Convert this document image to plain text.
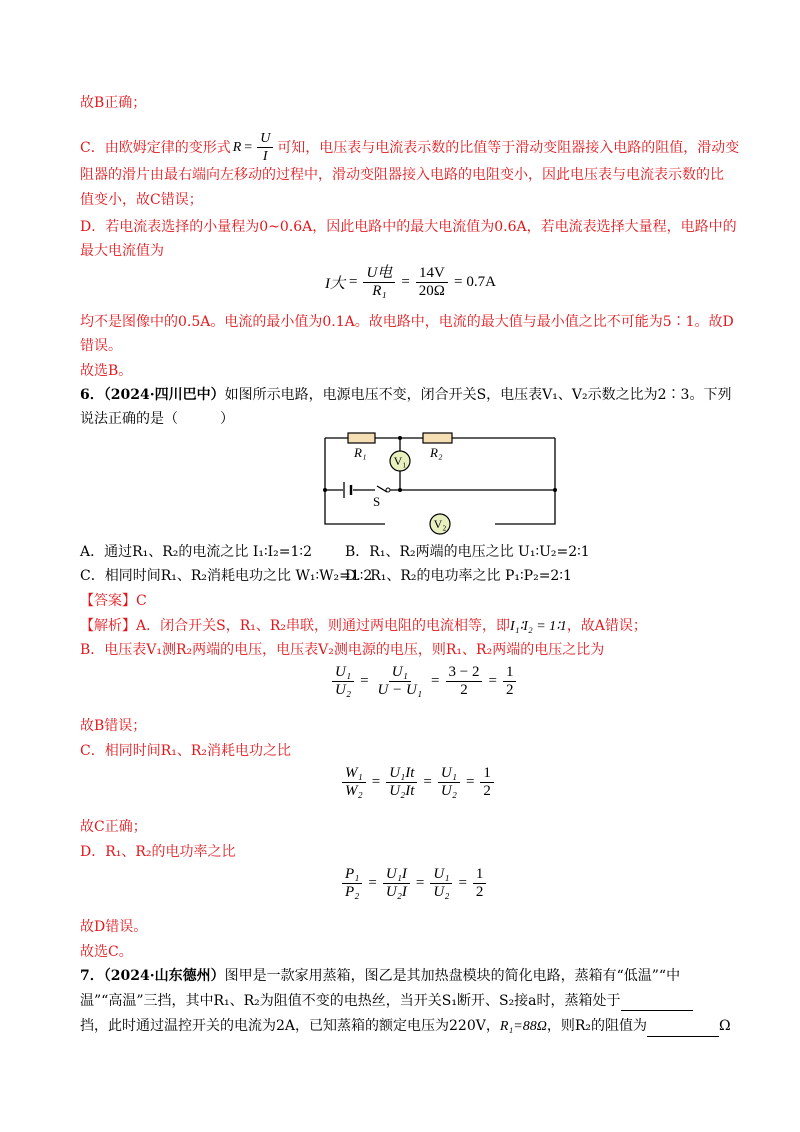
故B正确；
C．由欧姆定律的变形式 $R = \frac{U}{I}$ 可知，电压表与电流表示数的比值等于滑动变阻器接入电路的阻值，滑动变
阻器的滑片由最右端向左移动的过程中，滑动变阻器接入电路的电阻变小，因此电压表与电流表示数的比
值变小，故C错误；
D．若电流表选择的小量程为0~0.6A，因此电路中的最大电流值为0.6A，若电流表选择大量程，电路中的
最大电流值为
I大 = $\frac{\text{U电}}{\text{R₁}} = \frac{14V}{20\Omega} = 0.7A$
均不是图像中的0.5A。电流的最小值为0.1A。故电路中，电流的最大值与最小值之比不可能为5∶1。故D
错误。
故选B。
6．（2024·四川巴中）如图所示电路，电源电压不变，闭合开关S，电压表V₁、V₂示数之比为2∶3。下列
说法正确的是（　　　）
V₁
V₂
R₁	R₂
S
A．通过R₁、R₂的电流之比 I₁∶I₂=1∶2 B．R₁、R₂两端的电压之比 U₁∶U₂=2∶1
C．相同时间R₁、R₂消耗电功之比 W₁∶W₂=1∶2
D．R₁、R₂的电功率之比 P₁∶P₂=2∶1
【答案】C
【解析】A．闭合开关S，R₁、R₂串联，则通过两电阻的电流相等，即I₁∶I₂ = 1∶1，故A错误；
B．电压表V₁测R₂两端的电压，电压表V₂测电源的电压，则R₁、R₂两端的电压之比为
$\frac{\text{U₁}}{\text{U₂}} = \frac{\text{U₁}}{\text{U − U₁}} = \frac{3 - 2}{2} = \frac{1}{2}$
故B错误；
C．相同时间R₁、R₂消耗电功之比
$\frac{\text{W₁}}{\text{W₂}} = \frac{\text{U₁It}}{\text{U₂It}} = \frac{\text{U₁}}{\text{U₂}} = \frac{1}{2}$
故C正确；
D．R₁、R₂的电功率之比
$\frac{\text{P₁}}{\text{P₂}} = \frac{\text{U₁I}}{\text{U₂I}} = \frac{\text{U₁}}{\text{U₂}} = \frac{1}{2}$
故D错误。
故选C。
7．（2024·山东德州）图甲是一款家用蒸箱，图乙是其加热盘模块的简化电路，蒸箱有“低温”“中
温”“高温”三挡，其中R₁、R₂为阻值不变的电热丝，当开关S₁断开、S₂接a时，蒸箱处于
挡，此时通过温控开关的电流为2A，已知蒸箱的额定电压为220V，R₁=88Ω，则R₂的阻值为	Ω
